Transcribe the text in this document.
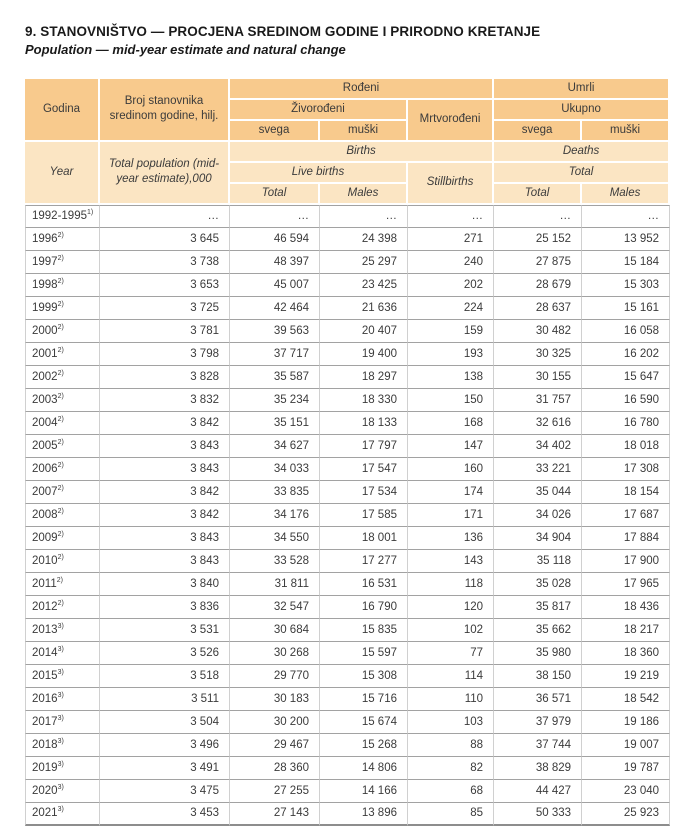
9. STANOVNIŠTVO — PROCJENA SREDINOM GODINE I PRIRODNO KRETANJE
Population — mid-year estimate and natural change
Godina	Broj stanovnika sredinom godine, hilj.	Rođeni			Umrli	
		Živorođeni		Mrtvorođeni	Ukupno	
		svega	muški		svega	muški
Year	Total population (mid-year estimate),000	Births			Deaths	
		Live births		Stillbirths	Total	
		Total	Males		Total	Males
1992-1995$^{1)}$	…	…	…	…	…	…
1996$^{2)}$	3 645	46 594	24 398	271	25 152	13 952
1997$^{2)}$	3 738	48 397	25 297	240	27 875	15 184
1998$^{2)}$	3 653	45 007	23 425	202	28 679	15 303
1999$^{2)}$	3 725	42 464	21 636	224	28 637	15 161
2000$^{2)}$	3 781	39 563	20 407	159	30 482	16 058
2001$^{2)}$	3 798	37 717	19 400	193	30 325	16 202
2002$^{2)}$	3 828	35 587	18 297	138	30 155	15 647
2003$^{2)}$	3 832	35 234	18 330	150	31 757	16 590
2004$^{2)}$	3 842	35 151	18 133	168	32 616	16 780
2005$^{2)}$	3 843	34 627	17 797	147	34 402	18 018
2006$^{2)}$	3 843	34 033	17 547	160	33 221	17 308
2007$^{2)}$	3 842	33 835	17 534	174	35 044	18 154
2008$^{2)}$	3 842	34 176	17 585	171	34 026	17 687
2009$^{2)}$	3 843	34 550	18 001	136	34 904	17 884
2010$^{2)}$	3 843	33 528	17 277	143	35 118	17 900
2011$^{2)}$	3 840	31 811	16 531	118	35 028	17 965
2012$^{2)}$	3 836	32 547	16 790	120	35 817	18 436
2013$^{3)}$	3 531	30 684	15 835	102	35 662	18 217
2014$^{3)}$	3 526	30 268	15 597	77	35 980	18 360
2015$^{3)}$	3 518	29 770	15 308	114	38 150	19 219
2016$^{3)}$	3 511	30 183	15 716	110	36 571	18 542
2017$^{3)}$	3 504	30 200	15 674	103	37 979	19 186
2018$^{3)}$	3 496	29 467	15 268	88	37 744	19 007
2019$^{3)}$	3 491	28 360	14 806	82	38 829	19 787
2020$^{3)}$	3 475	27 255	14 166	68	44 427	23 040
2021$^{3)}$	3 453	27 143	13 896	85	50 333	25 923
